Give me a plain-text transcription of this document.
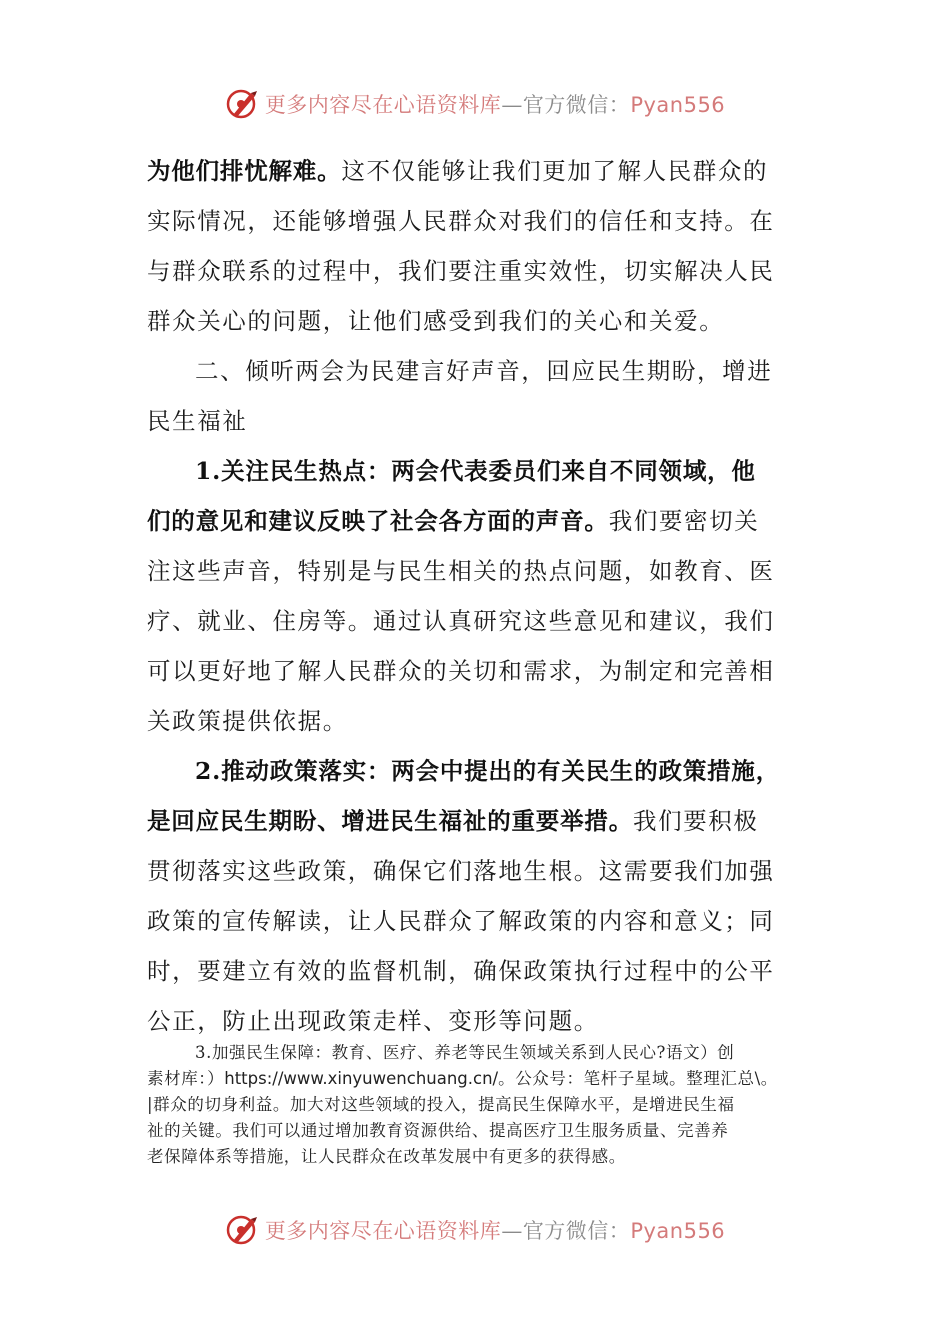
更多内容尽在心语资料库—官方微信：Pyan556
为他们排忧解难。这不仅能够让我们更加了解人民群众的
实际情况，还能够增强人民群众对我们的信任和支持。在
与群众联系的过程中，我们要注重实效性，切实解决人民
群众关心的问题，让他们感受到我们的关心和关爱。
二、倾听两会为民建言好声音，回应民生期盼，增进
民生福祉
1.关注民生热点：两会代表委员们来自不同领域，他
们的意见和建议反映了社会各方面的声音。我们要密切关
注这些声音，特别是与民生相关的热点问题，如教育、医
疗、就业、住房等。通过认真研究这些意见和建议，我们
可以更好地了解人民群众的关切和需求，为制定和完善相
关政策提供依据。
2.推动政策落实：两会中提出的有关民生的政策措施，
是回应民生期盼、增进民生福祉的重要举措。我们要积极
贯彻落实这些政策，确保它们落地生根。这需要我们加强
政策的宣传解读，让人民群众了解政策的内容和意义；同
时，要建立有效的监督机制，确保政策执行过程中的公平
公正，防止出现政策走样、变形等问题。
3.加强民生保障：教育、医疗、养老等民生领域关系到人民心?语文）创
素材库：）https://www.xinyuwenchuang.cn/。公众号：笔杆子星域。整理汇总\。
|群众的切身利益。加大对这些领域的投入，提高民生保障水平，是增进民生福
祉的关键。我们可以通过增加教育资源供给、提高医疗卫生服务质量、完善养
老保障体系等措施，让人民群众在改革发展中有更多的获得感。
更多内容尽在心语资料库—官方微信：Pyan556
